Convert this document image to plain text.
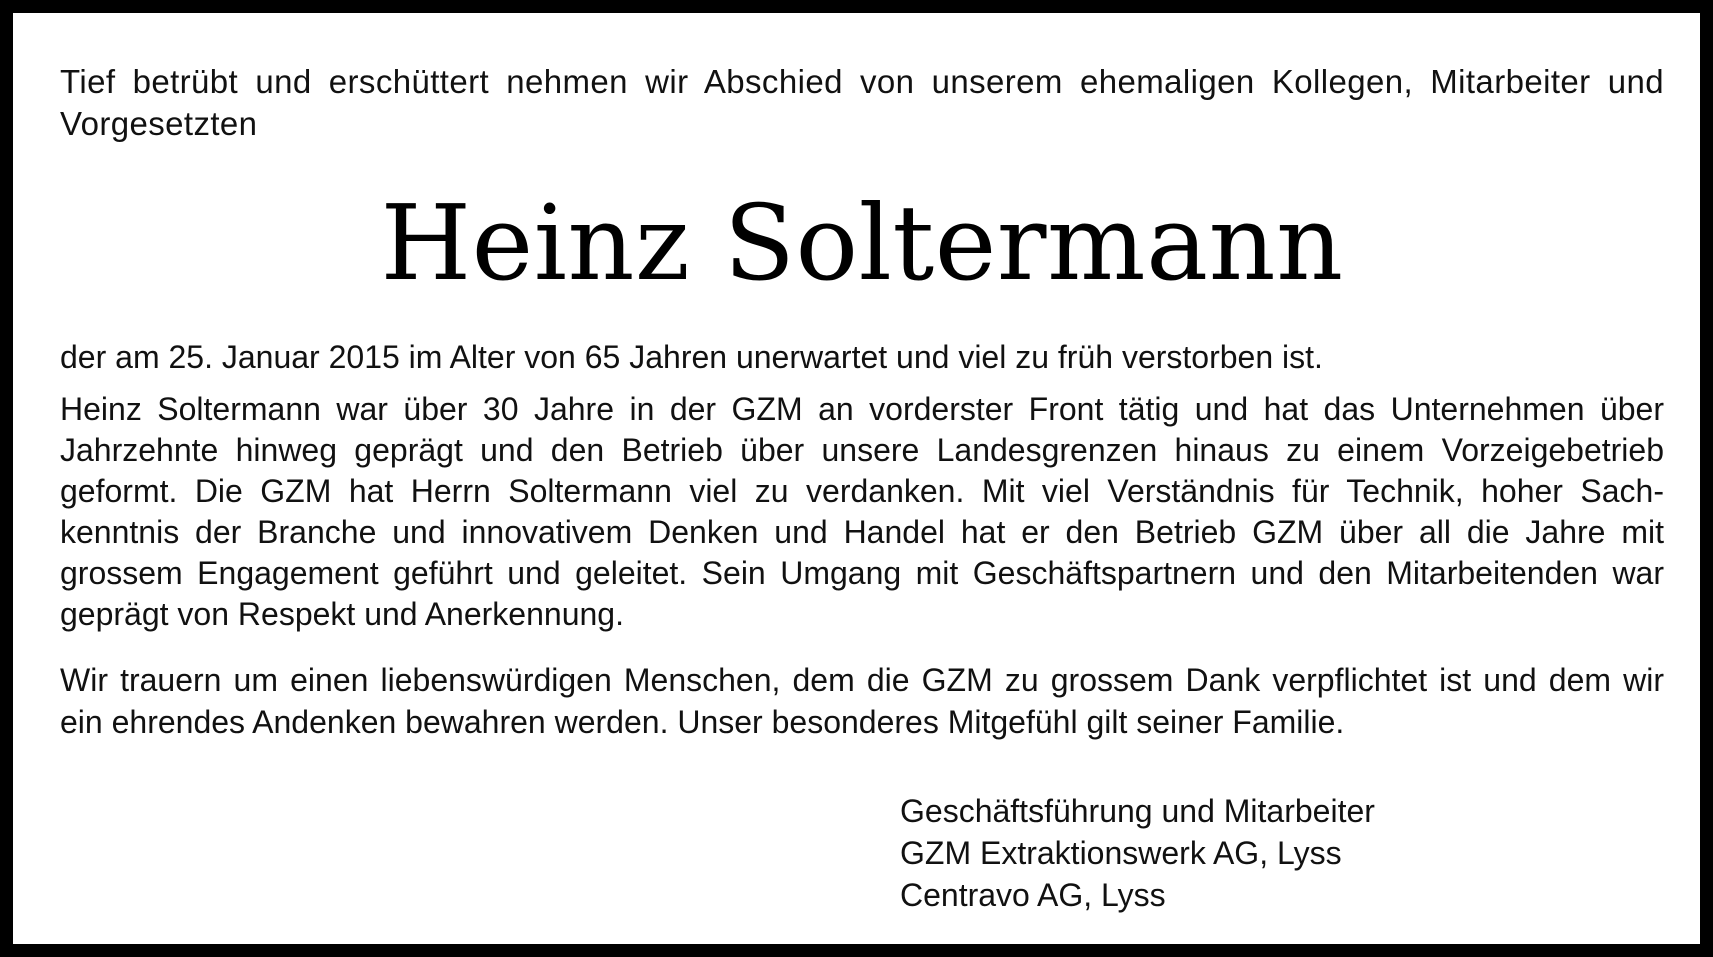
Tief betrübt und erschüttert nehmen wir Abschied von unserem ehemaligen Kollegen, Mitarbeiter und
Vorgesetzten
Heinz Soltermann
der am 25. Januar 2015 im Alter von 65 Jahren unerwartet und viel zu früh verstorben ist.
Heinz Soltermann war über 30 Jahre in der GZM an vorderster Front tätig und hat das Unternehmen über
Jahrzehnte hinweg geprägt und den Betrieb über unsere Landesgrenzen hinaus zu einem Vorzeigebetrieb
geformt. Die GZM hat Herrn Soltermann viel zu verdanken. Mit viel Verständnis für Technik, hoher Sach-
kenntnis der Branche und innovativem Denken und Handel hat er den Betrieb GZM über all die Jahre mit
grossem Engagement geführt und geleitet. Sein Umgang mit Geschäftspartnern und den Mitarbeitenden war
geprägt von Respekt und Anerkennung.
Wir trauern um einen liebenswürdigen Menschen, dem die GZM zu grossem Dank verpflichtet ist und dem wir
ein ehrendes Andenken bewahren werden. Unser besonderes Mitgefühl gilt seiner Familie.
Geschäftsführung und Mitarbeiter
GZM Extraktionswerk AG, Lyss
Centravo AG, Lyss
